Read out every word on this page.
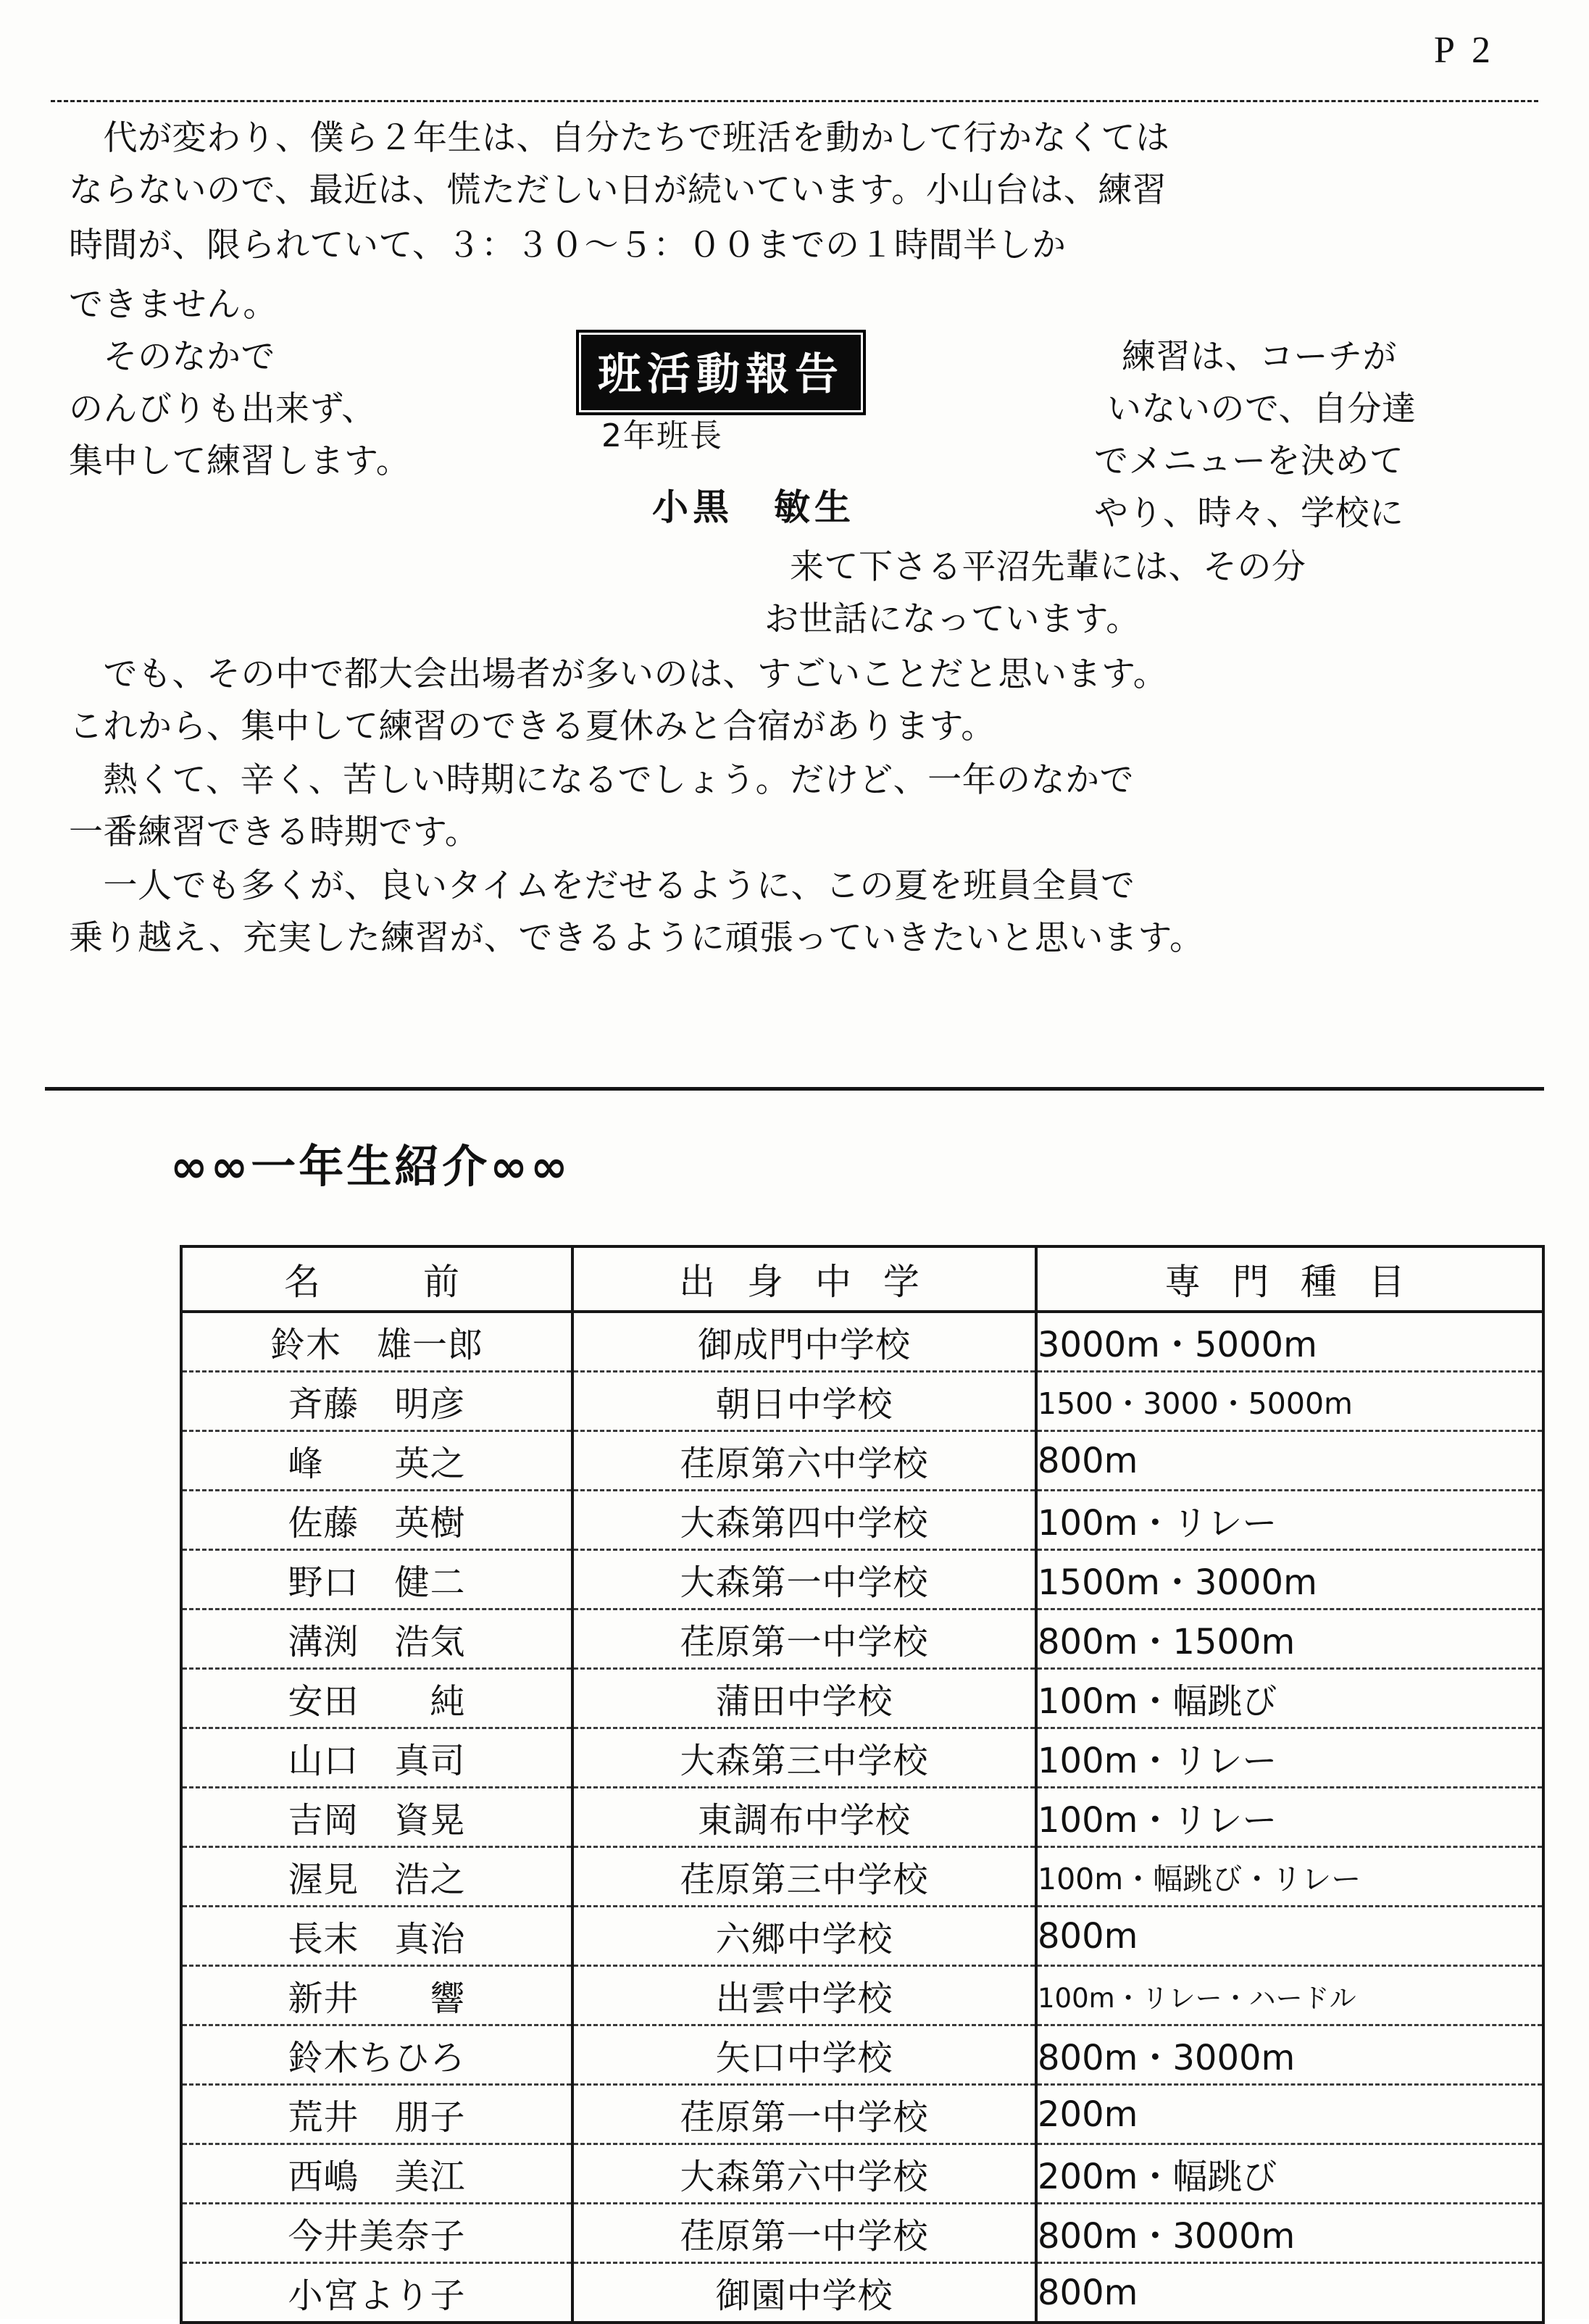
P 2
　代が変わり、僕ら２年生は、自分たちで班活を動かして行かなくては
ならないので、最近は、慌ただしい日が続いています。小山台は、練習
時間が、限られていて、３：３０〜５：００までの１時間半しか
できません。
　そのなかで
のんびりも出来ず、
集中して練習します。
練習は、コーチが
いないので、自分達
でメニューを決めて
やり、時々、学校に
来て下さる平沼先輩には、その分
お世話になっています。
　でも、その中で都大会出場者が多いのは、すごいことだと思います。
これから、集中して練習のできる夏休みと合宿があります。
　熱くて、辛く、苦しい時期になるでしょう。だけど、一年のなかで
一番練習できる時期です。
　一人でも多くが、良いタイムをだせるように、この夏を班員全員で
乗り越え、充実した練習が、できるように頑張っていきたいと思います。
班活動報告
2年班長
小黒　敏生
∞∞一年生紹介∞∞
名　　前	出 身 中 学	専 門 種 目
鈴木　雄一郎	御成門中学校	3000m・5000m
斉藤　明彦	朝日中学校	1500・3000・5000m
峰　　英之	荏原第六中学校	800m
佐藤　英樹	大森第四中学校	100m・リレー
野口　健二	大森第一中学校	1500m・3000m
溝渕　浩気	荏原第一中学校	800m・1500m
安田　　純	蒲田中学校	100m・幅跳び
山口　真司	大森第三中学校	100m・リレー
吉岡　資晃	東調布中学校	100m・リレー
渥見　浩之	荏原第三中学校	100m・幅跳び・リレー
長末　真治	六郷中学校	800m
新井　　響	出雲中学校	100m・リレー・ハードル
鈴木ちひろ	矢口中学校	800m・3000m
荒井　朋子	荏原第一中学校	200m
西嶋　美江	大森第六中学校	200m・幅跳び
今井美奈子	荏原第一中学校	800m・3000m
小宮より子	御園中学校	800m
